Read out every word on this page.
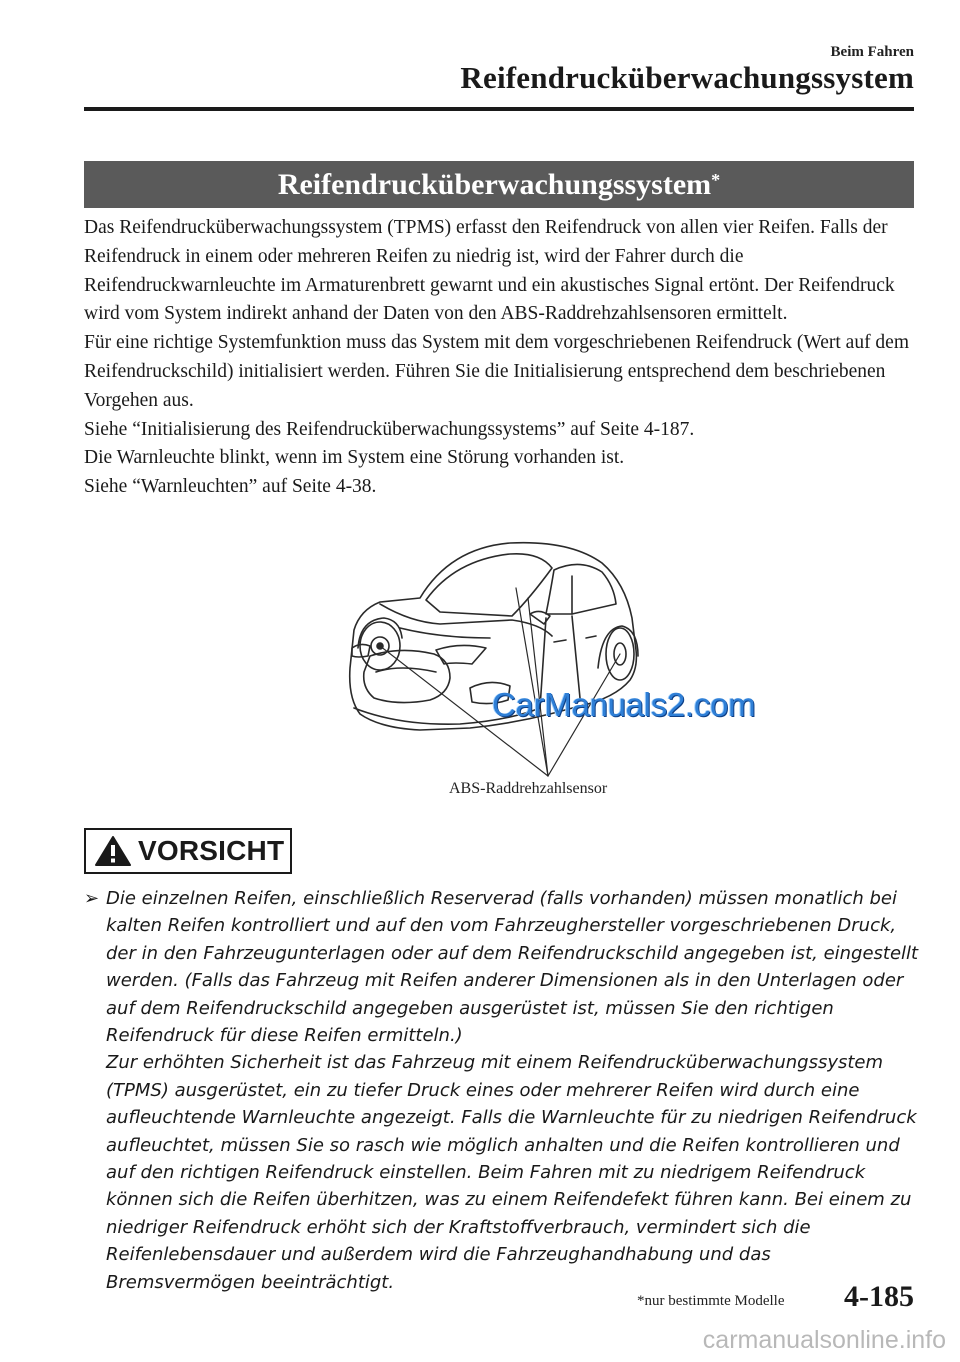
Beim Fahren
Reifendrucküberwachungssystem
Reifendrucküberwachungssystem*

Das Reifendrucküberwachungssystem (TPMS) erfasst den Reifendruck von allen vier Reifen. Falls der Reifendruck in einem oder mehreren Reifen zu niedrig ist, wird der Fahrer durch die Reifendruckwarnleuchte im Armaturenbrett gewarnt und ein akustisches Signal ertönt. Der Reifendruck wird vom System indirekt anhand der Daten von den ABS-Raddrehzahlsensoren ermittelt.

Für eine richtige Systemfunktion muss das System mit dem vorgeschriebenen Reifendruck (Wert auf dem Reifendruckschild) initialisiert werden. Führen Sie die Initialisierung entsprechend dem beschriebenen Vorgehen aus.

Siehe “Initialisierung des Reifendrucküberwachungssystems” auf Seite 4-187.

Die Warnleuchte blinkt, wenn im System eine Störung vorhanden ist.

Siehe “Warnleuchten” auf Seite 4-38.

CarManuals2.com
ABS-Raddrehzahlsensor
VORSICHT
➢ Die einzelnen Reifen, einschließlich Reserverad (falls vorhanden) müssen monatlich bei kalten Reifen kontrolliert und auf den vom Fahrzeughersteller vorgeschriebenen Druck, der in den Fahrzeugunterlagen oder auf dem Reifendruckschild angegeben ist, eingestellt werden. (Falls das Fahrzeug mit Reifen anderer Dimensionen als in den Unterlagen oder auf dem Reifendruckschild angegeben ausgerüstet ist, müssen Sie den richtigen Reifendruck für diese Reifen ermitteln.)

Zur erhöhten Sicherheit ist das Fahrzeug mit einem Reifendrucküberwachungssystem (TPMS) ausgerüstet, ein zu tiefer Druck eines oder mehrerer Reifen wird durch eine aufleuchtende Warnleuchte angezeigt. Falls die Warnleuchte für zu niedrigen Reifendruck aufleuchtet, müssen Sie so rasch wie möglich anhalten und die Reifen kontrollieren und auf den richtigen Reifendruck einstellen. Beim Fahren mit zu niedrigem Reifendruck können sich die Reifen überhitzen, was zu einem Reifendefekt führen kann. Bei einem zu niedriger Reifendruck erhöht sich der Kraftstoffverbrauch, vermindert sich die Reifenlebensdauer und außerdem wird die Fahrzeughandhabung und das Bremsvermögen beeinträchtigt.

*nur bestimmte Modelle 4-185
carmanualsonline.info
